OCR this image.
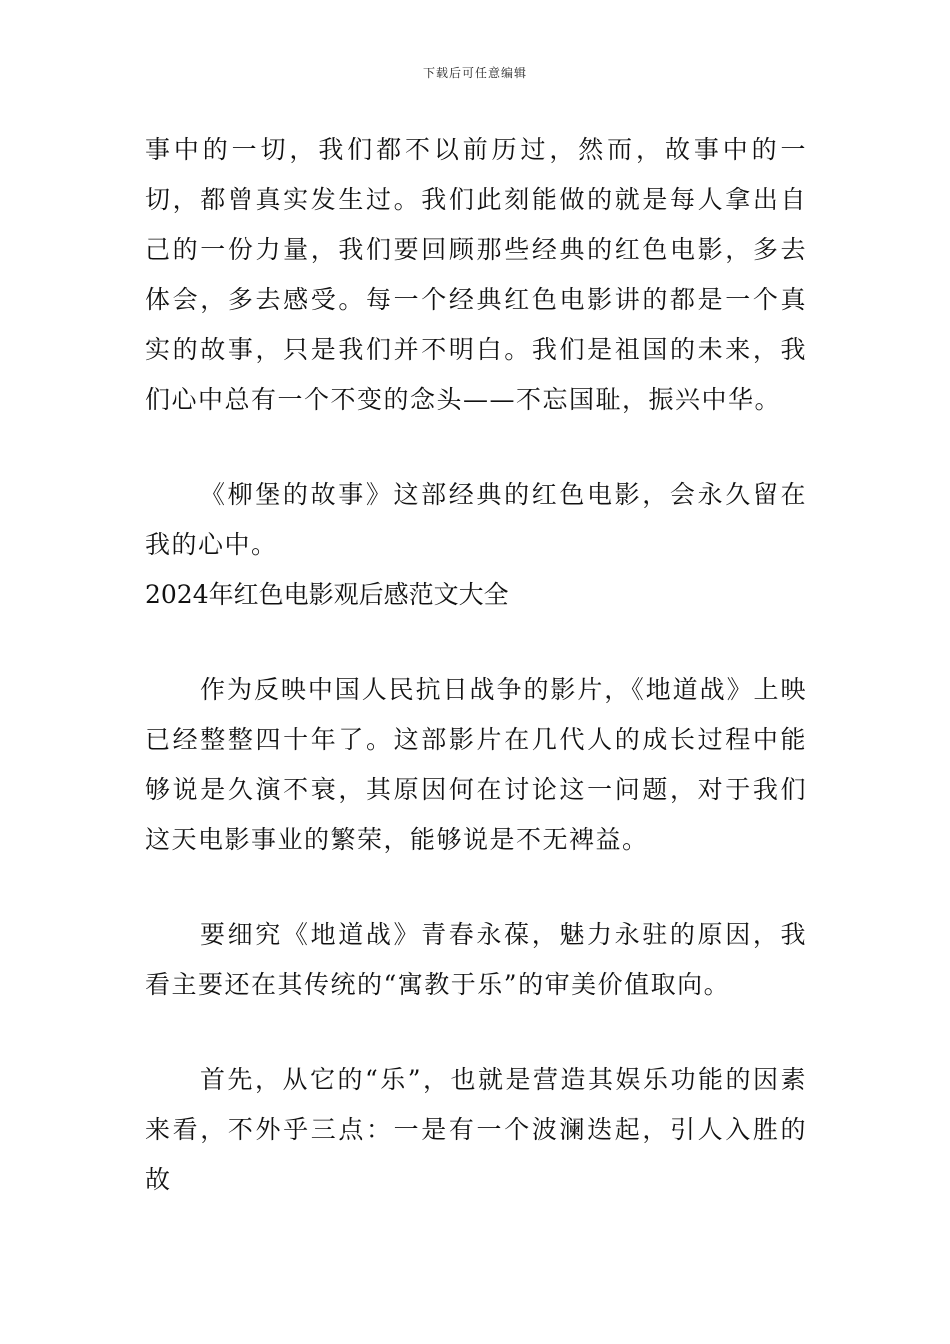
下载后可任意编辑

事中的一切，我们都不以前历过，然而，故事中的一切，都曾真实发生过。我们此刻能做的就是每人拿出自己的一份力量，我们要回顾那些经典的红色电影，多去体会，多去感受。每一个经典红色电影讲的都是一个真实的故事，只是我们并不明白。我们是祖国的未来，我们心中总有一个不变的念头——不忘国耻，振兴中华。

《柳堡的故事》这部经典的红色电影，会永久留在我的心中。

2024年红色电影观后感范文大全

作为反映中国人民抗日战争的影片，《地道战》上映已经整整四十年了。这部影片在几代人的成长过程中能够说是久演不衰，其原因何在讨论这一问题，对于我们这天电影事业的繁荣，能够说是不无裨益。

要细究《地道战》青春永葆，魅力永驻的原因，我看主要还在其传统的“寓教于乐”的审美价值取向。

首先，从它的“乐”，也就是营造其娱乐功能的因素来看，不外乎三点：一是有一个波澜迭起，引人入胜的故
